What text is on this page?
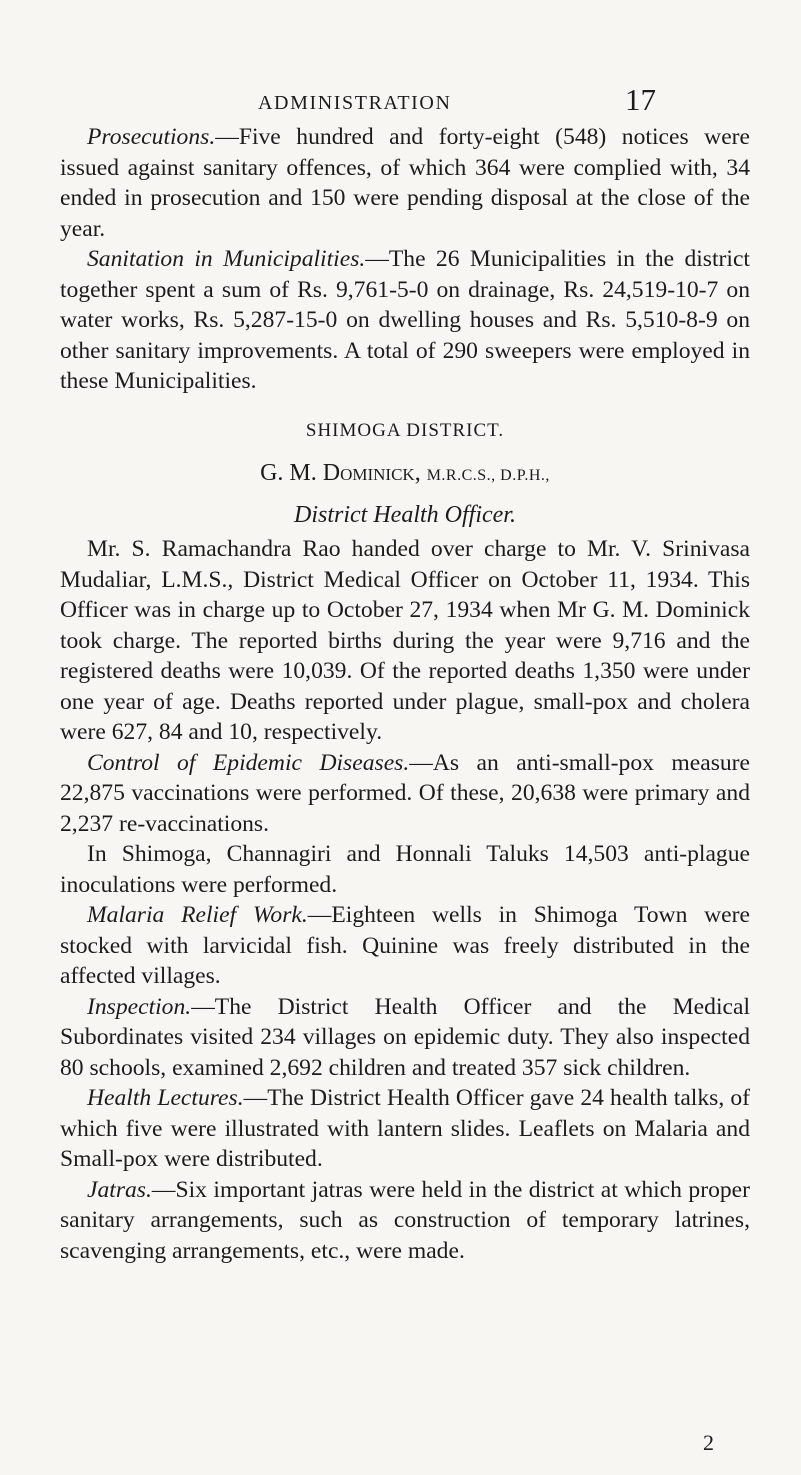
ADMINISTRATION	17

Prosecutions.—Five hundred and forty-eight (548) notices were issued against sanitary offences, of which 364 were complied with, 34 ended in prosecution and 150 were pending disposal at the close of the year.

Sanitation in Municipalities.—The 26 Municipalities in the district together spent a sum of Rs. 9,761-5-0 on drainage, Rs. 24,519-10-7 on water works, Rs. 5,287-15-0 on dwelling houses and Rs. 5,510-8-9 on other sanitary improvements. A total of 290 sweepers were employed in these Municipalities.

SHIMOGA DISTRICT.
G. M. Dominick, M.R.C.S., D.P.H.,
District Health Officer.

Mr. S. Ramachandra Rao handed over charge to Mr. V. Srinivasa Mudaliar, L.M.S., District Medical Officer on October 11, 1934. This Officer was in charge up to October 27, 1934 when Mr G. M. Dominick took charge. The reported births during the year were 9,716 and the registered deaths were 10,039. Of the reported deaths 1,350 were under one year of age. Deaths reported under plague, small-pox and cholera were 627, 84 and 10, respectively.

Control of Epidemic Diseases.—As an anti-small-pox measure 22,875 vaccinations were performed. Of these, 20,638 were primary and 2,237 re-vaccinations.

In Shimoga, Channagiri and Honnali Taluks 14,503 anti-plague inoculations were performed.

Malaria Relief Work.—Eighteen wells in Shimoga Town were stocked with larvicidal fish. Quinine was freely distributed in the affected villages.

Inspection.—The District Health Officer and the Medical Subordinates visited 234 villages on epidemic duty. They also inspected 80 schools, examined 2,692 children and treated 357 sick children.

Health Lectures.—The District Health Officer gave 24 health talks, of which five were illustrated with lantern slides. Leaflets on Malaria and Small-pox were distributed.

Jatras.—Six important jatras were held in the district at which proper sanitary arrangements, such as construction of temporary latrines, scavenging arrangements, etc., were made.

2
